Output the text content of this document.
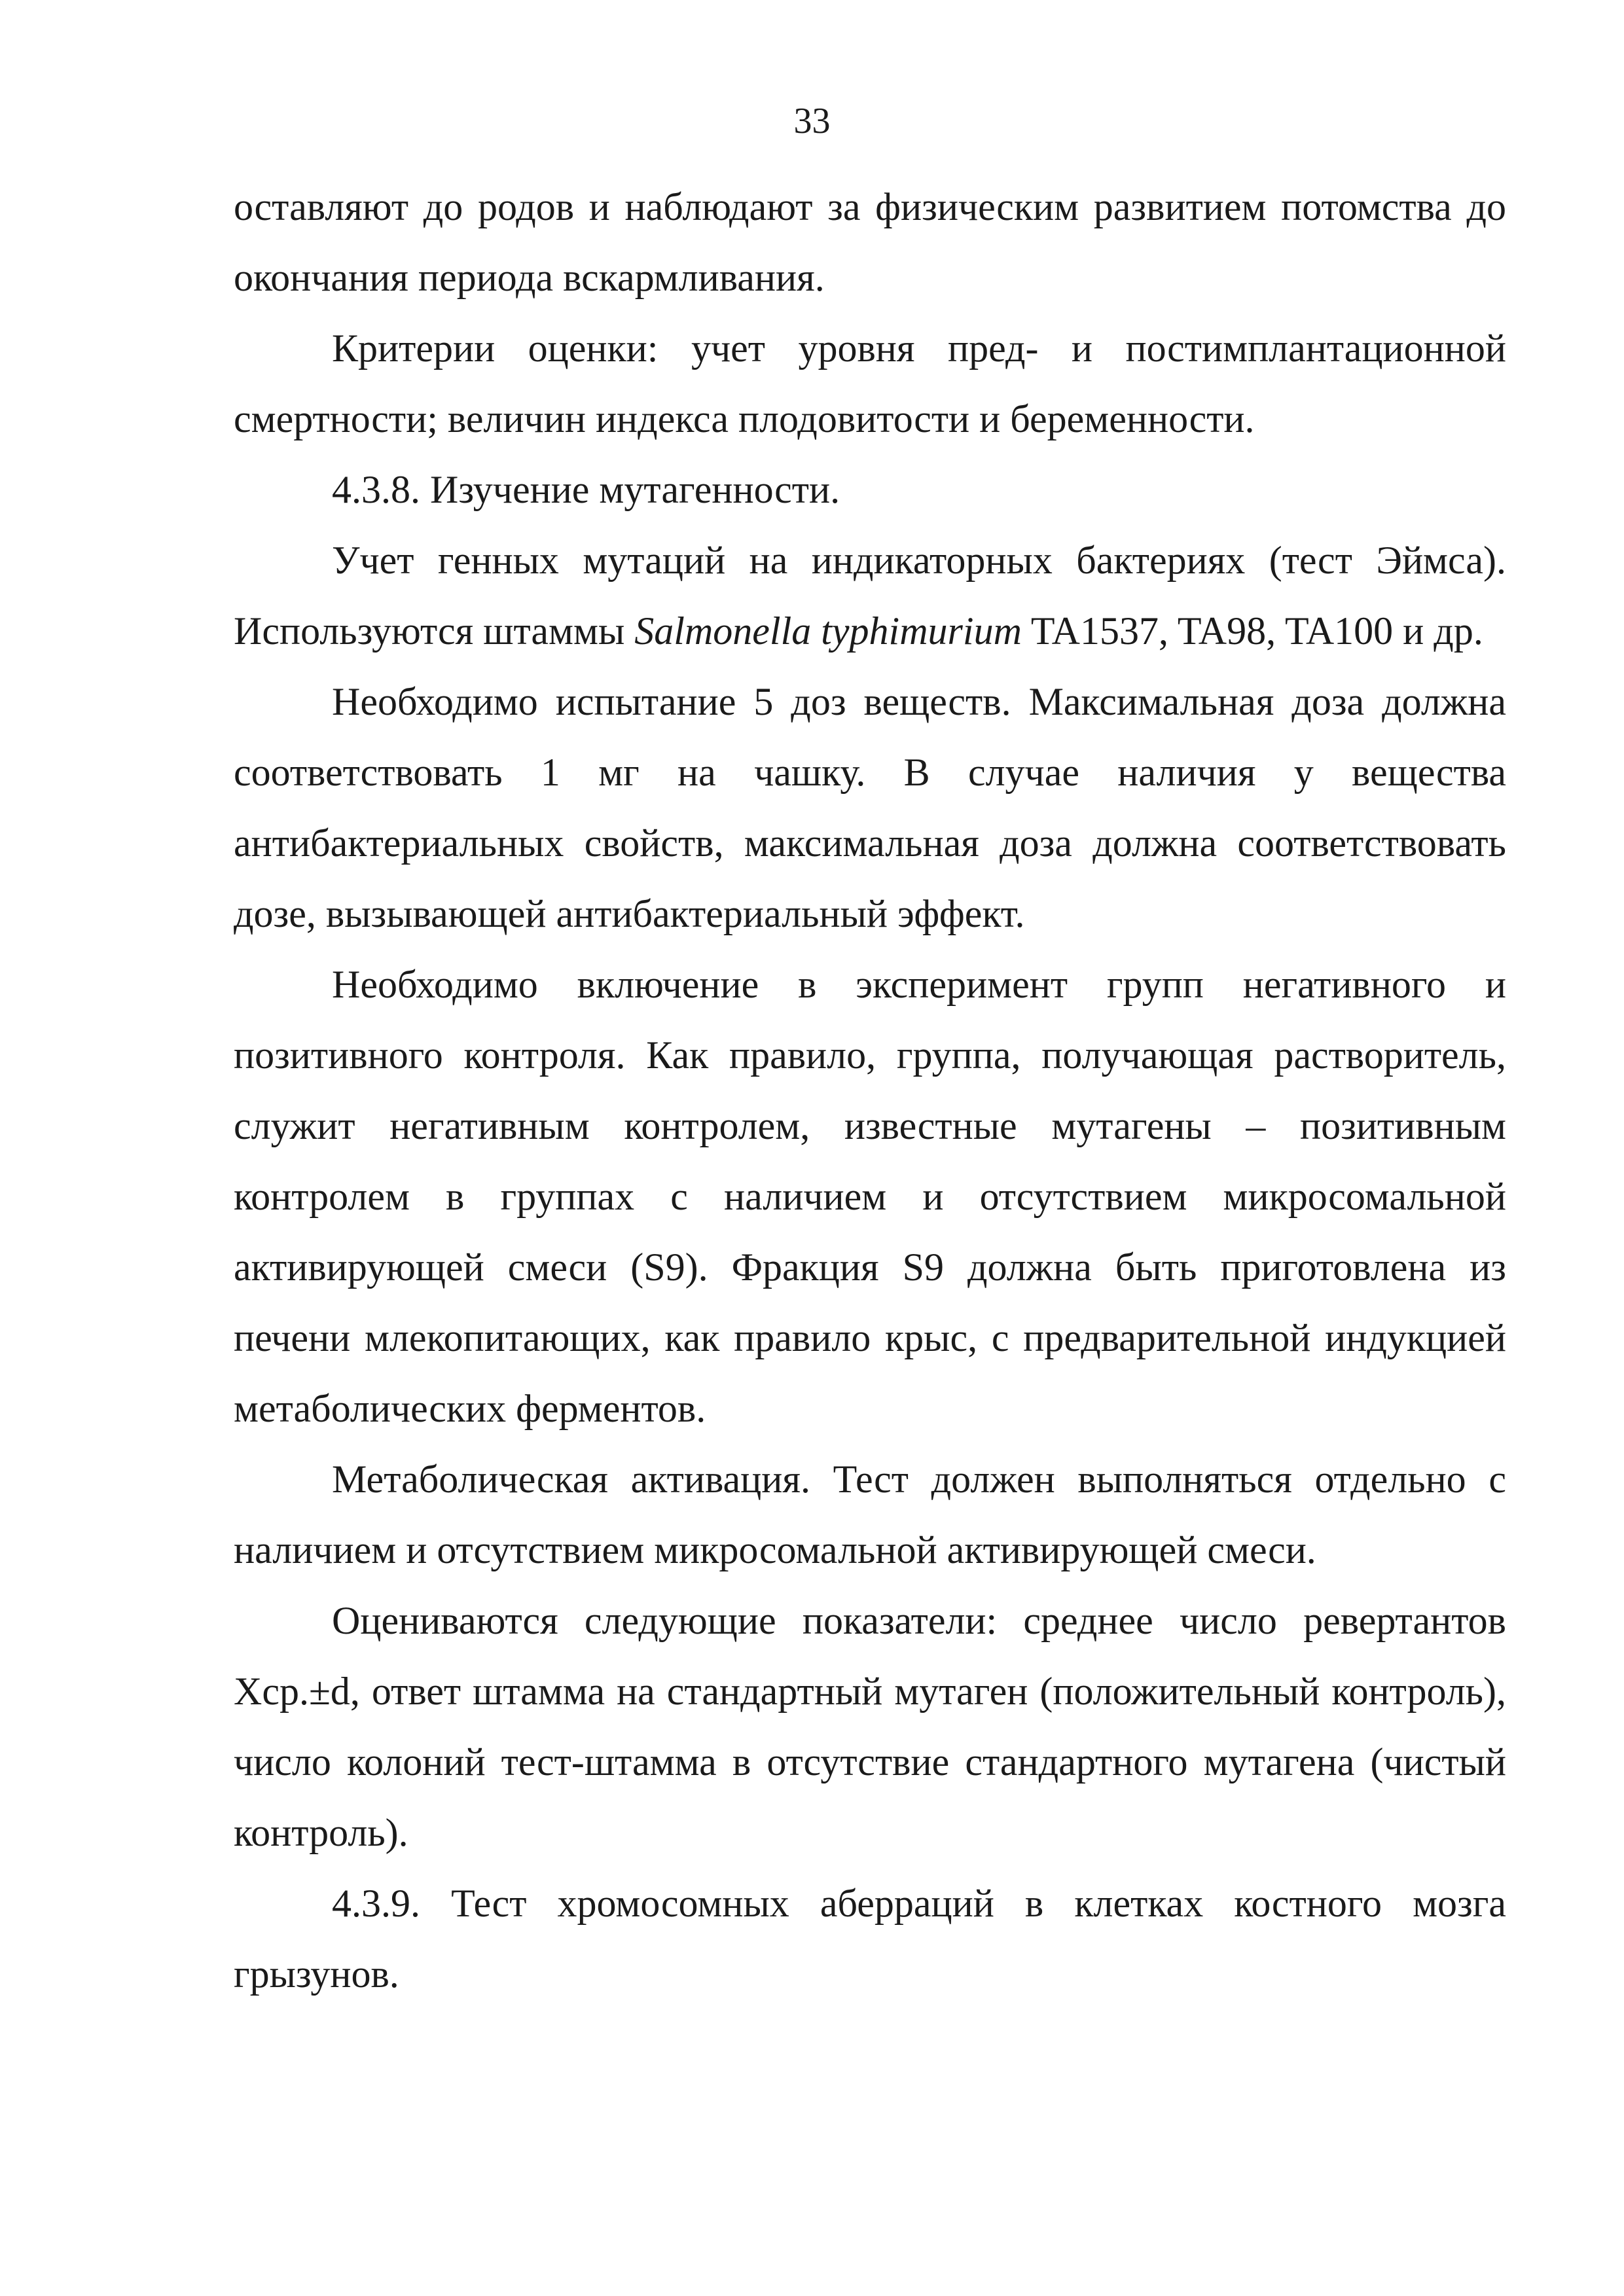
33

оставляют до родов и наблюдают за физическим развитием потомства до окончания периода вскармливания.

Критерии оценки: учет уровня пред- и постимплантационной смертности; величин индекса плодовитости и беременности.

4.3.8. Изучение мутагенности.

Учет генных мутаций на индикаторных бактериях (тест Эймса). Используются штаммы Salmonella typhimurium TA1537, TA98, TA100 и др.

Необходимо испытание 5 доз веществ. Максимальная доза должна соответствовать 1 мг на чашку. В случае наличия у вещества антибактериальных свойств, максимальная доза должна соответствовать дозе, вызывающей антибактериальный эффект.

Необходимо включение в эксперимент групп негативного и позитивного контроля. Как правило, группа, получающая растворитель, служит негативным контролем, известные мутагены – позитивным контролем в группах с наличием и отсутствием микросомальной активирующей смеси (S9). Фракция S9 должна быть приготовлена из печени млекопитающих, как правило крыс, с предварительной индукцией метаболических ферментов.

Метаболическая активация. Тест должен выполняться отдельно с наличием и отсутствием микросомальной активирующей смеси.

Оцениваются следующие показатели: среднее число ревертантов Хср.±d, ответ штамма на стандартный мутаген (положительный контроль), число колоний тест-штамма в отсутствие стандартного мутагена (чистый контроль).

4.3.9. Тест хромосомных аберраций в клетках костного мозга грызунов.
